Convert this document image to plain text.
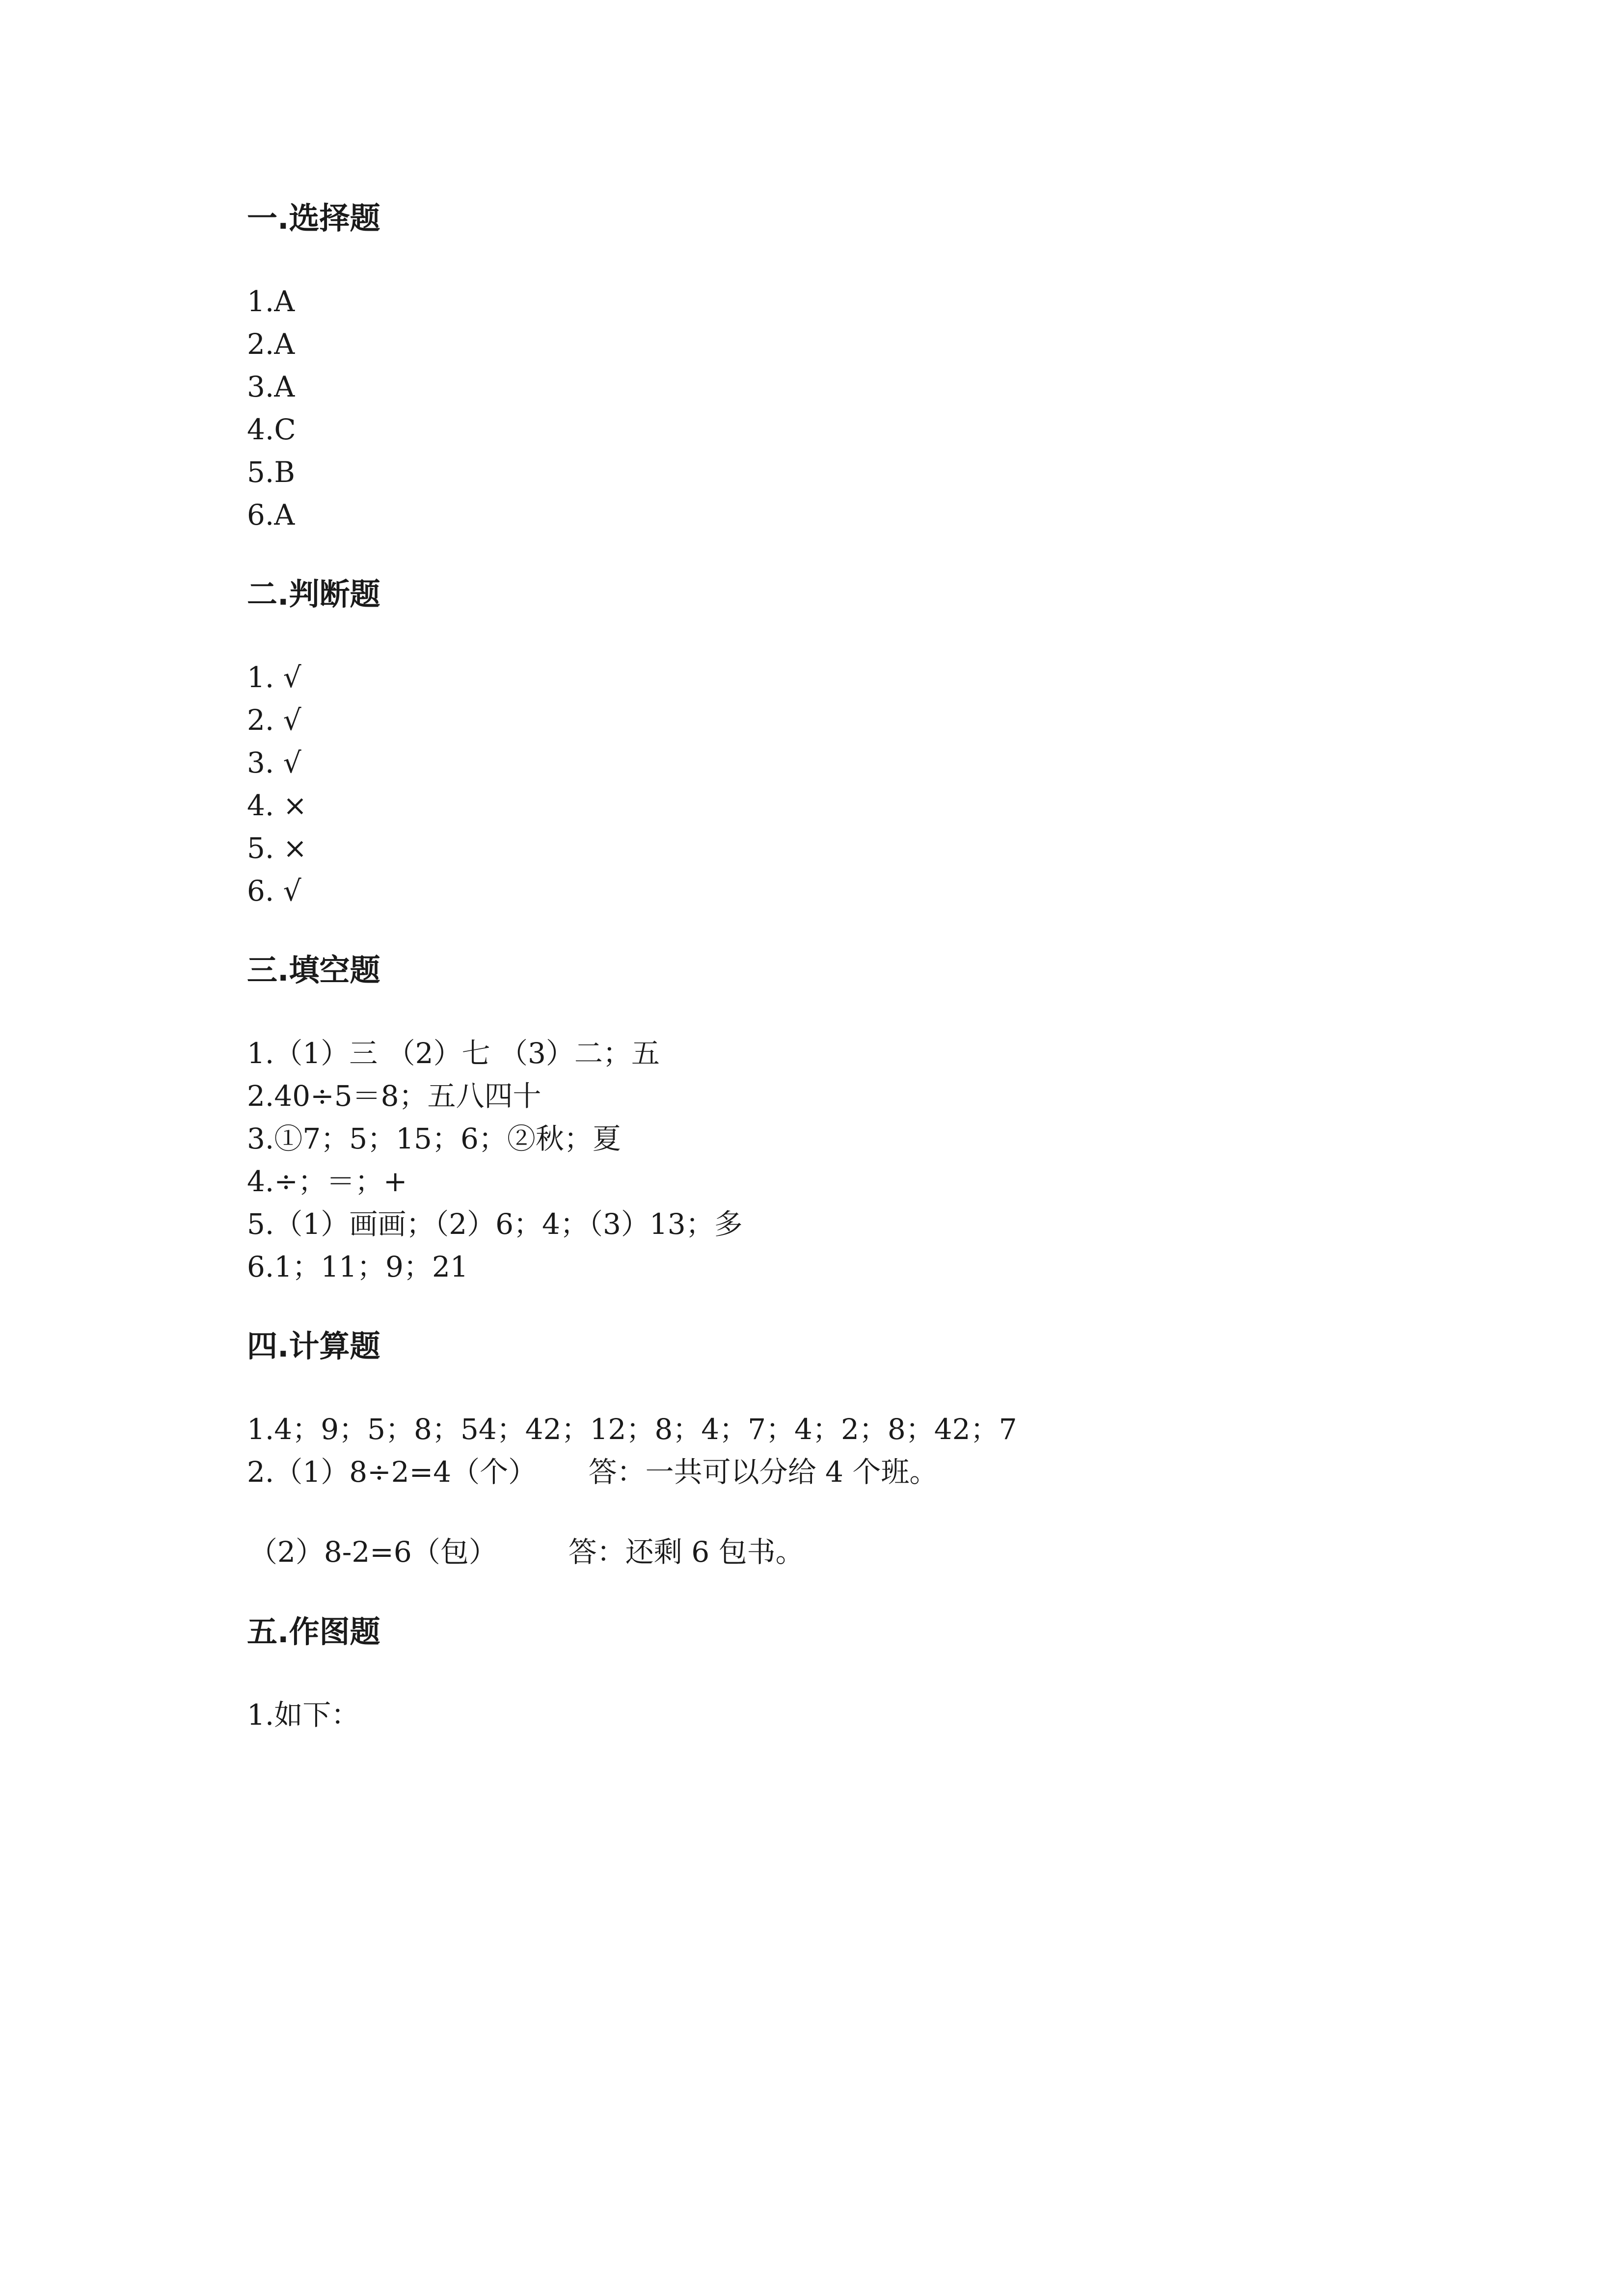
一.选择题
1.A
2.A
3.A
4.C
5.B
6.A
二.判断题
1. √
2. √
3. √
4. ×
5. ×
6. √
三.填空题
1.（1）三 （2）七 （3）二；五
2.40÷5＝8；五八四十
3.①7；5；15；6；②秋；夏
4.÷；＝；+
5.（1）画画；（2）6；4；（3）13；多
6.1；11；9；21
四.计算题
1.4；9；5；8；54；42；12；8；4；7；4；2；8；42；7
2.（1）8÷2=4（个）　　 答：一共可以分给 4 个班。
（2）8-2=6（包）　　　答：还剩 6 包书。
五.作图题
1.如下：
